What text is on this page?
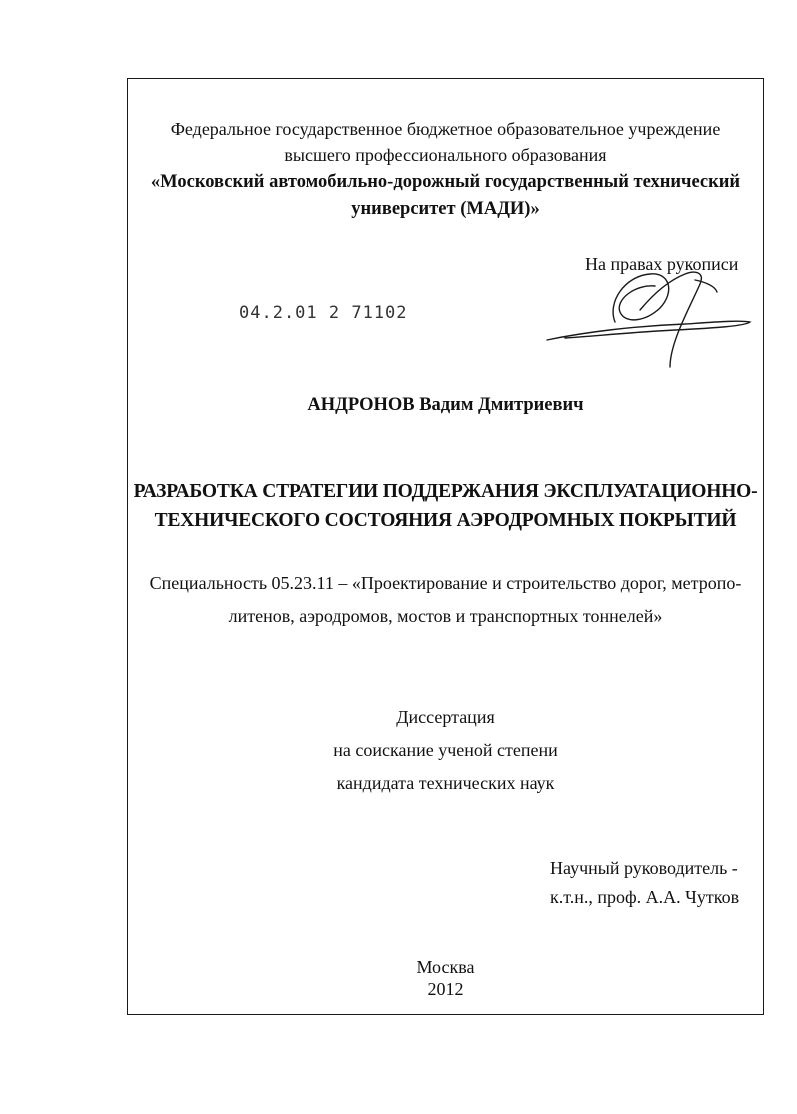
Федеральное государственное бюджетное образовательное учреждение
высшего профессионального образования
«Московский автомобильно-дорожный государственный технический
университет (МАДИ)»
На правах рукописи
04.2.01 2 71102
АНДРОНОВ Вадим Дмитриевич
РАЗРАБОТКА СТРАТЕГИИ ПОДДЕРЖАНИЯ ЭКСПЛУАТАЦИОННО-
ТЕХНИЧЕСКОГО СОСТОЯНИЯ АЭРОДРОМНЫХ ПОКРЫТИЙ
Специальность 05.23.11 – «Проектирование и строительство дорог, метропо-
литенов, аэродромов, мостов и транспортных тоннелей»
Диссертация
на соискание ученой степени
кандидата технических наук
Научный руководитель -
к.т.н., проф. А.А. Чутков
Москва
2012
